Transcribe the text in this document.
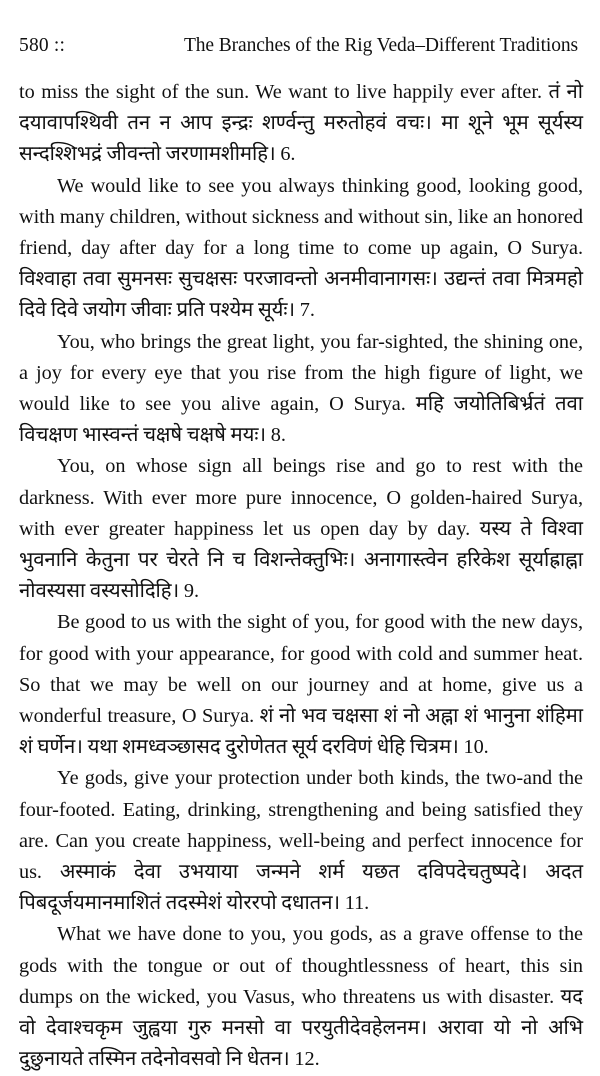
580 ::	The Branches of the Rig Veda–Different Traditions

to miss the sight of the sun. We want to live happily ever after. तं नो दयावापश्थिवी तन न आप इन्द्रः शर्ण्वन्तु मरुतोहवं वचः। मा शूने भूम सूर्यस्य सन्दश्शिभद्रं जीवन्तो जरणामशीमहि। 6.

We would like to see you always thinking good, looking good, with many children, without sickness and without sin, like an honored friend, day after day for a long time to come up again, O Surya. विश्वाहा तवा सुमनसः सुचक्षसः परजावन्तो अनमीवानागसः। उद्यन्तं तवा मित्रमहो दिवे दिवे जयोग जीवाः प्रति पश्येम सूर्यः। 7.

You, who brings the great light, you far-sighted, the shining one, a joy for every eye that you rise from the high figure of light, we would like to see you alive again, O Surya. महि जयोतिबिर्भ्रतं तवा विचक्षण भास्वन्तं चक्षषे चक्षषे मयः। 8.

You, on whose sign all beings rise and go to rest with the darkness. With ever more pure innocence, O golden-haired Surya, with ever greater happiness let us open day by day. यस्य ते विश्वा भुवनानि केतुना पर चेरते नि च विशन्तेक्तुभिः। अनागास्त्वेन हरिकेश सूर्याह्राह्ना नोवस्यसा वस्यसोदिहि। 9.

Be good to us with the sight of you, for good with the new days, for good with your appearance, for good with cold and summer heat. So that we may be well on our journey and at home, give us a wonderful treasure, O Surya. शं नो भव चक्षसा शं नो अह्ना शं भानुना शंहिमा शं घर्णेन। यथा शमध्वञ्छासद दुरोणेतत सूर्य दरविणं धेहि चित्रम। 10.

Ye gods, give your protection under both kinds, the two-and the four-footed. Eating, drinking, strengthening and being satisfied they are. Can you create happiness, well-being and perfect innocence for us. अस्माकं देवा उभयाया जन्मने शर्म यछत दविपदेचतुष्पदे। अदत पिबदूर्जयमानमाशितं तदस्मेशं योररपो दधातन। 11.

What we have done to you, you gods, as a grave offense to the gods with the tongue or out of thoughtlessness of heart, this sin dumps on the wicked, you Vasus, who threatens us with disaster. यद वो देवाश्चकृम जुह्वया गुरु मनसो वा परयुतीदेवहेलनम। अरावा यो नो अभि दुछुनायते तस्मिन तदेनोवसवो नि धेतन। 12.
